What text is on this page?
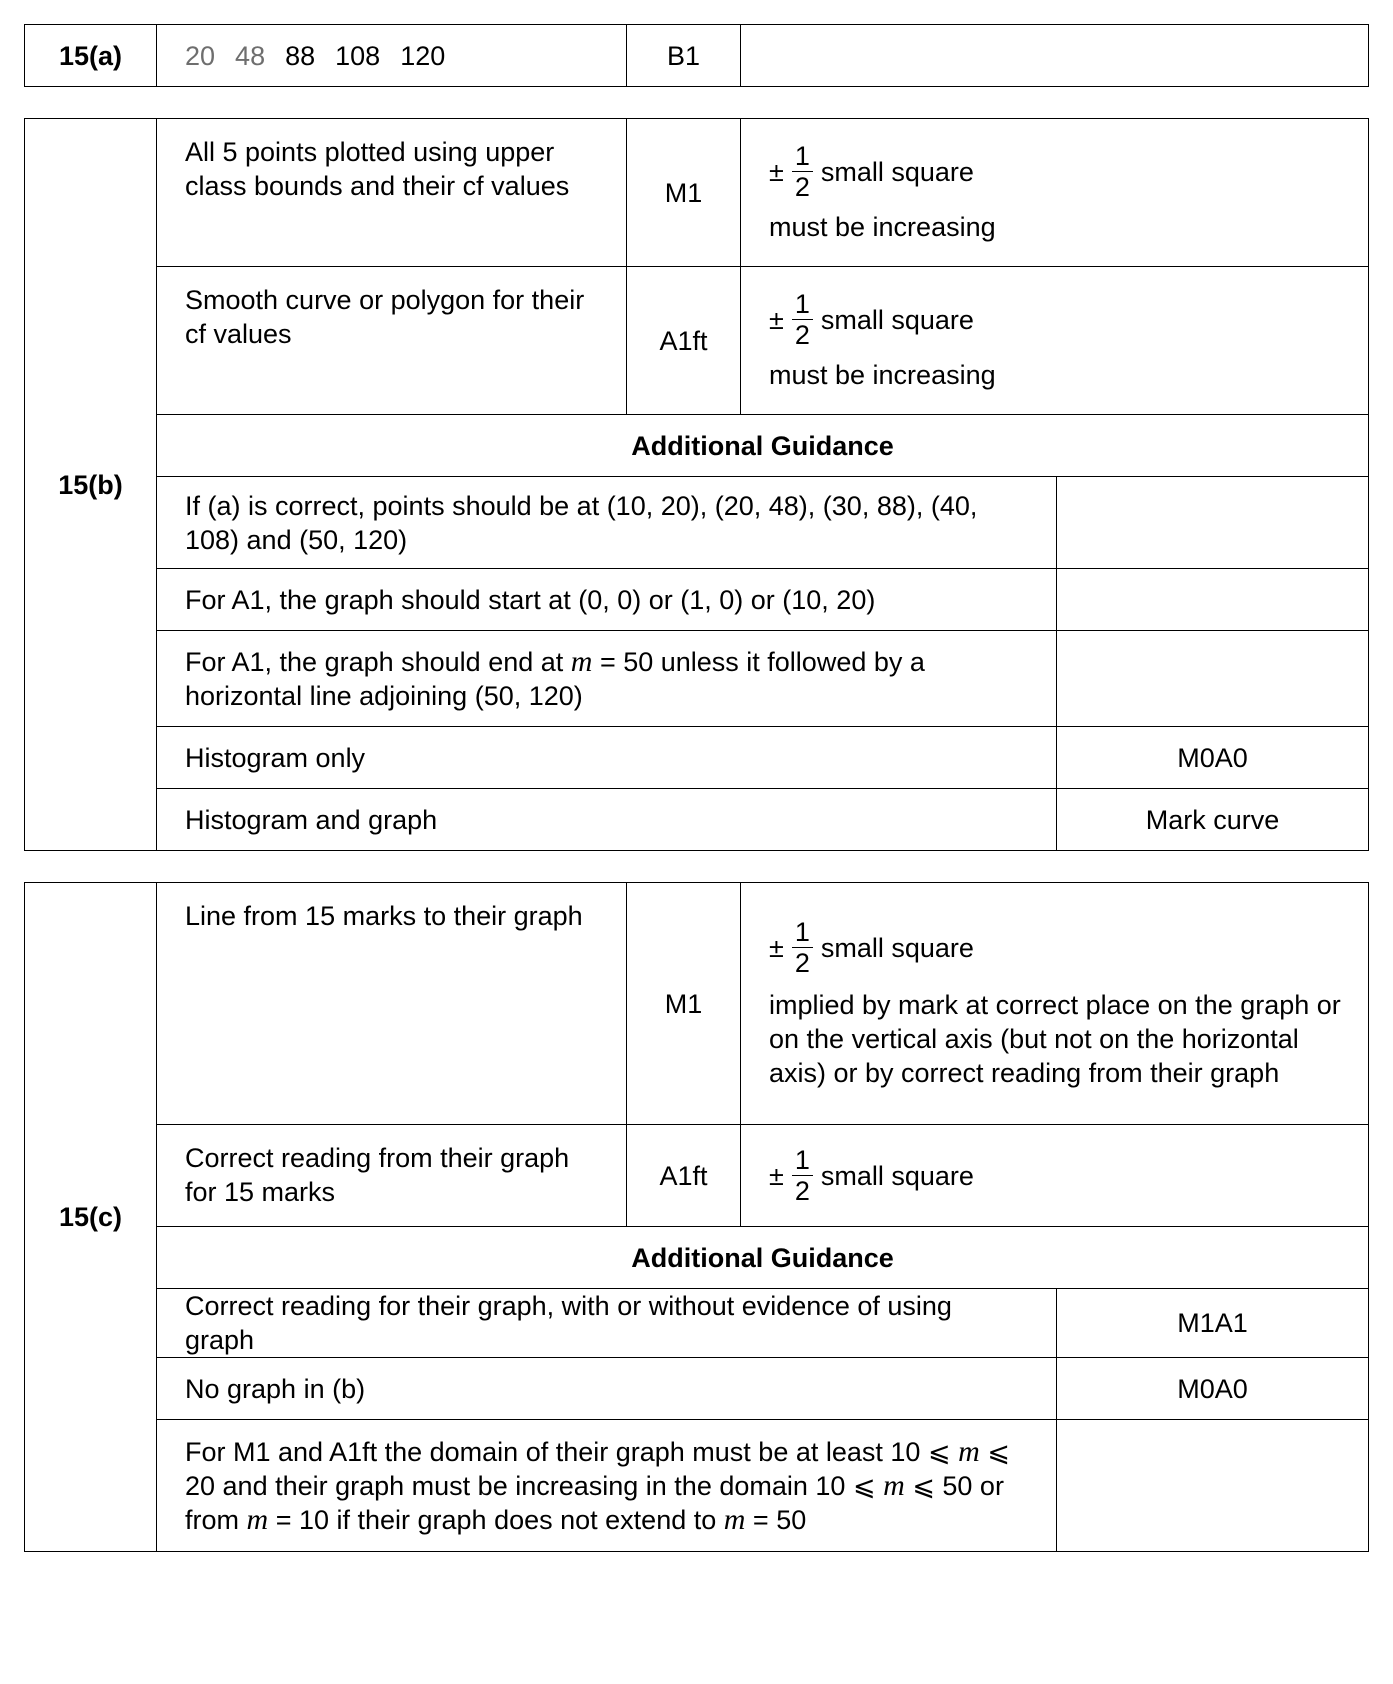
15(a)	20 48 88 108 120	B1	
15(b)	All 5 points plotted using upper class bounds and their cf values	M1	± $\frac{1}{2}$ small square
must be increasing	

	Smooth curve or polygon for their cf values	A1ft	± $\frac{1}{2}$ small square
must be increasing	

	Additional Guidance			
	If (a) is correct, points should be at (10, 20), (20, 48), (30, 88), (40, 108) and (50, 120)			
	For A1, the graph should start at (0, 0) or (1, 0) or (10, 20)			
	For A1, the graph should end at m = 50 unless it followed by a horizontal line adjoining (50, 120)			
	Histogram only			M0A0
	Histogram and graph			Mark curve
15(c)	Line from 15 marks to their graph	M1	± $\frac{1}{2}$ small square
implied by mark at correct place on the graph or on the vertical axis (but not on the horizontal axis) or by correct reading from their graph	

	Correct reading from their graph for 15 marks	A1ft	± $\frac{1}{2}$ small square	

	Additional Guidance			
	Correct reading for their graph, with or without evidence of using graph			M1A1
	No graph in (b)			M0A0
	For M1 and A1ft the domain of their graph must be at least 10 ⩽ m ⩽ 20 and their graph must be increasing in the domain 10 ⩽ m ⩽ 50 or from m = 10 if their graph does not extend to m = 50			
